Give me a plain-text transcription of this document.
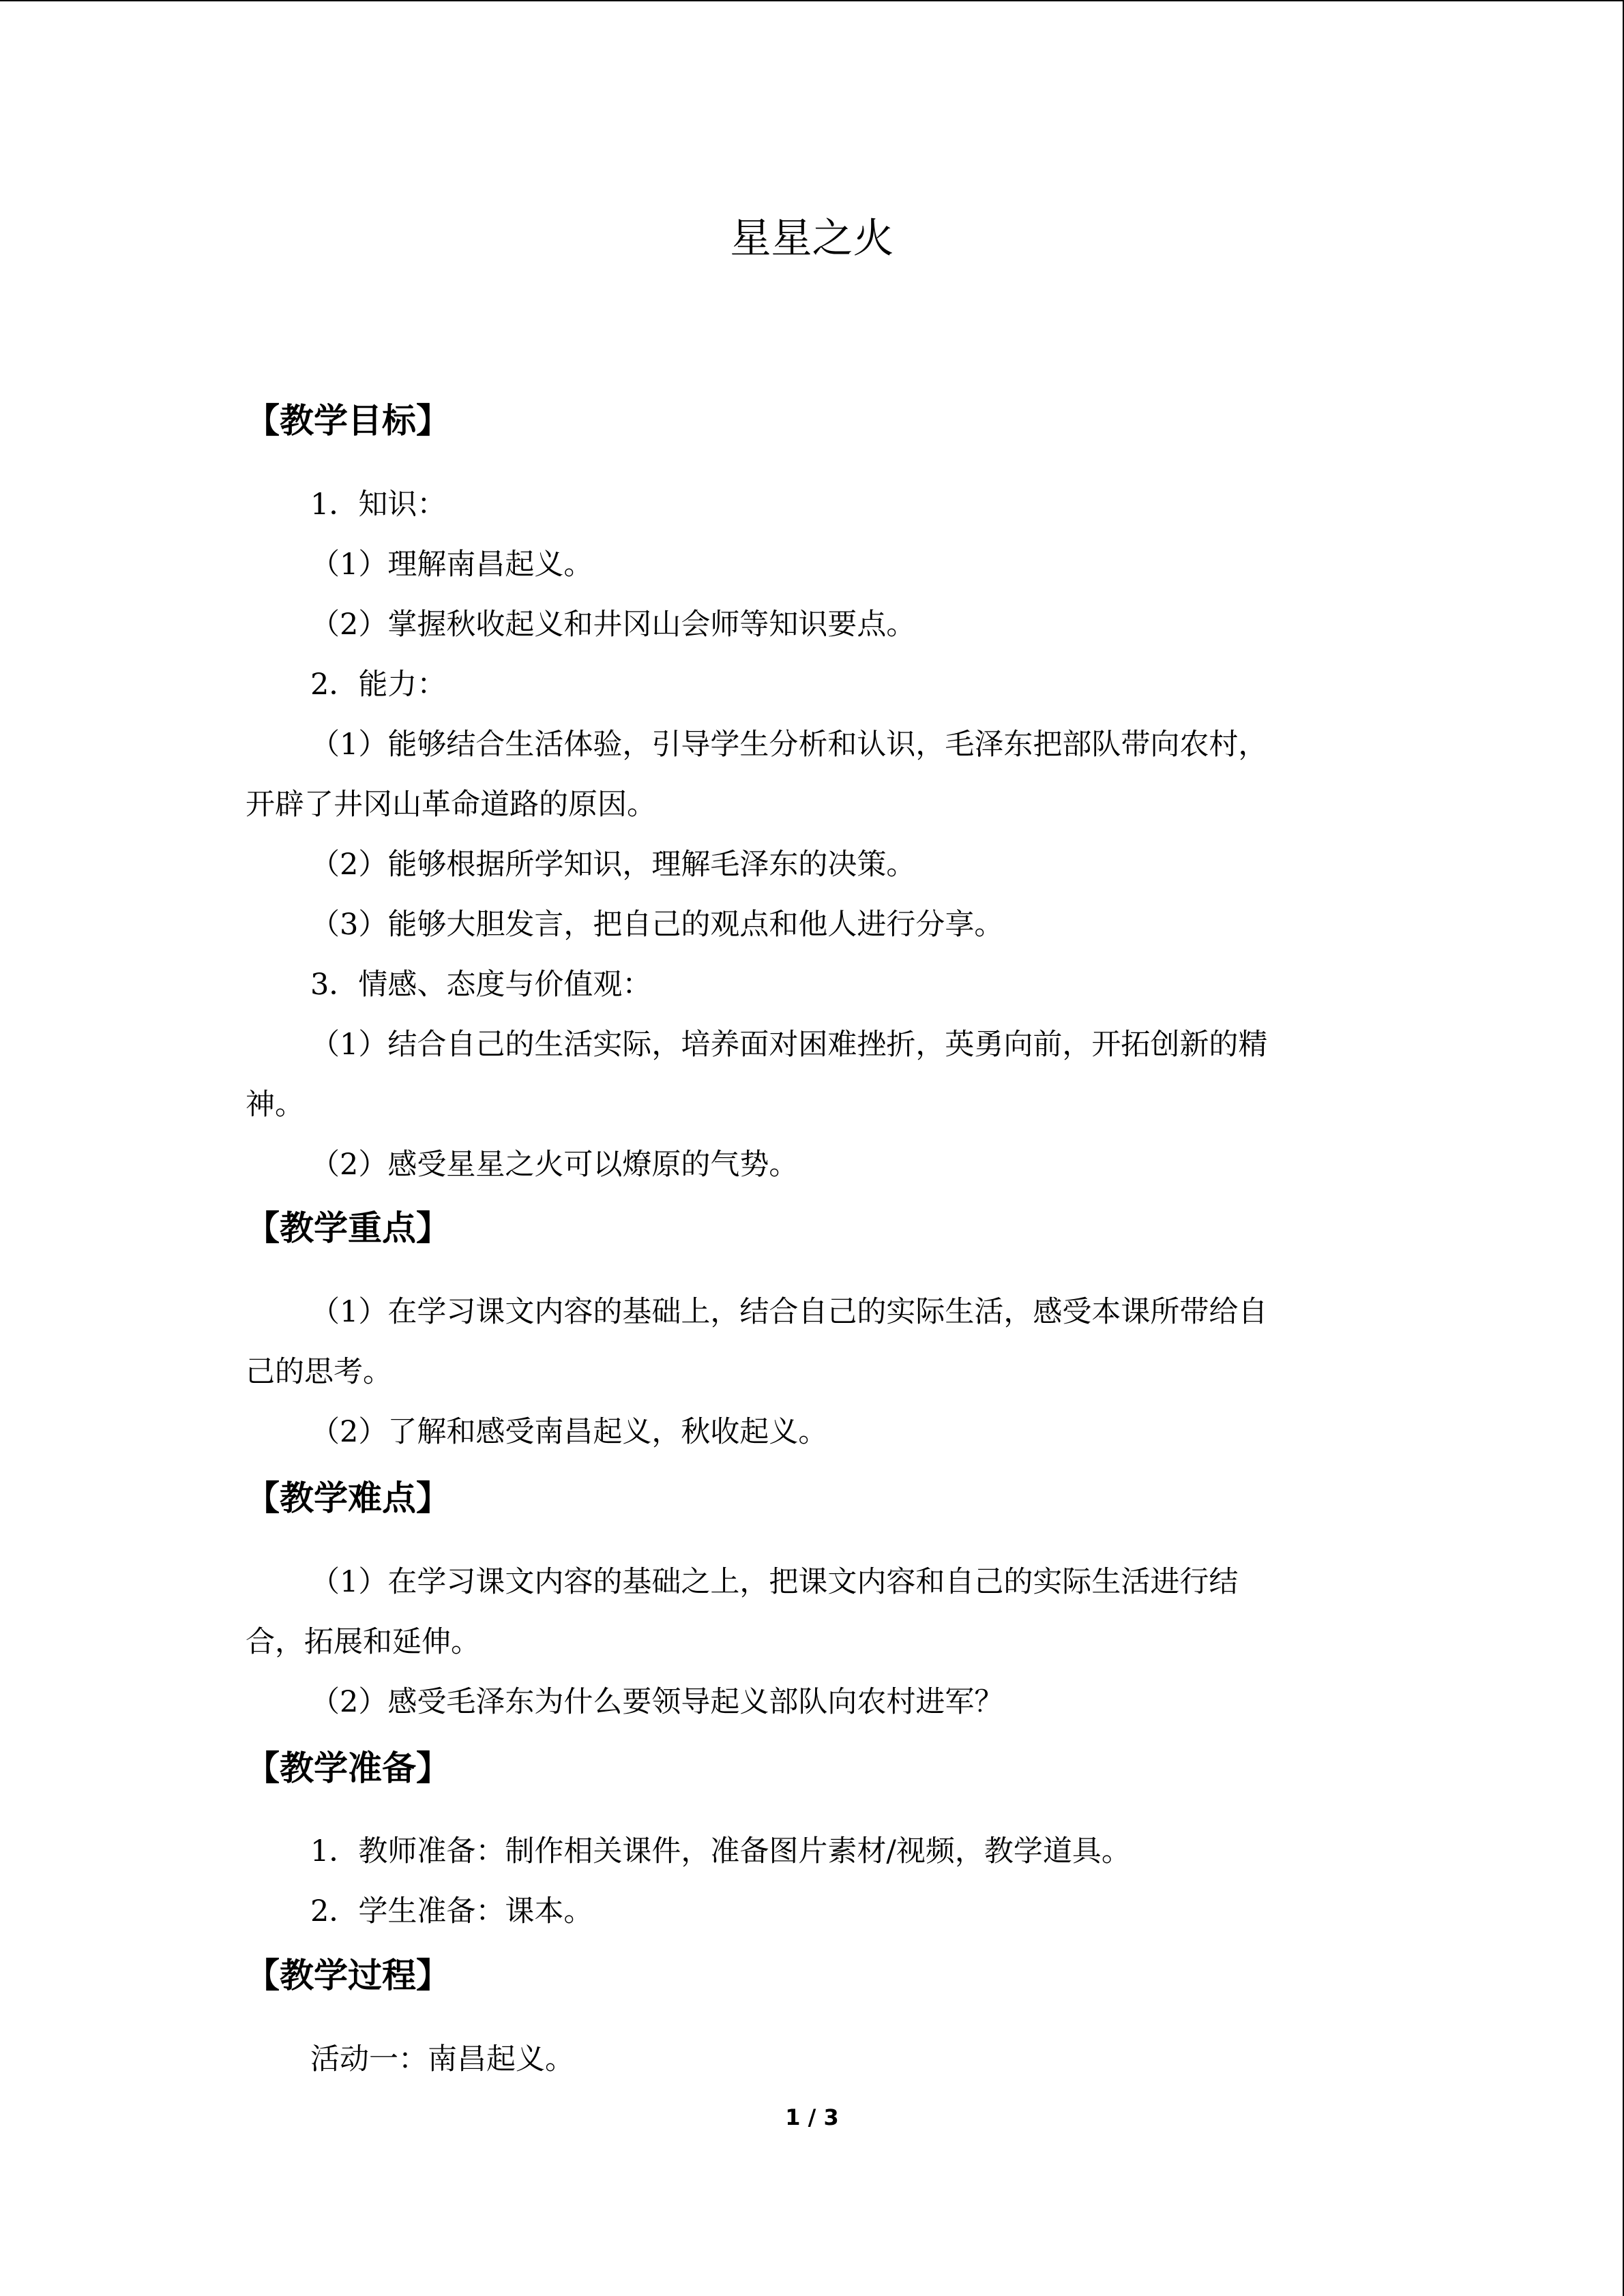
星星之火
【教学目标】

1．知识：

（1）理解南昌起义。

（2）掌握秋收起义和井冈山会师等知识要点。

2．能力：

（1）能够结合生活体验，引导学生分析和认识，毛泽东把部队带向农村，

开辟了井冈山革命道路的原因。

（2）能够根据所学知识，理解毛泽东的决策。

（3）能够大胆发言，把自己的观点和他人进行分享。

3．情感、态度与价值观：

（1）结合自己的生活实际，培养面对困难挫折，英勇向前，开拓创新的精

神。

（2）感受星星之火可以燎原的气势。

【教学重点】

（1）在学习课文内容的基础上，结合自己的实际生活，感受本课所带给自

己的思考。

（2）了解和感受南昌起义，秋收起义。

【教学难点】

（1）在学习课文内容的基础之上，把课文内容和自己的实际生活进行结

合，拓展和延伸。

（2）感受毛泽东为什么要领导起义部队向农村进军？

【教学准备】

1．教师准备：制作相关课件，准备图片素材/视频，教学道具。

2．学生准备：课本。

【教学过程】

活动一：南昌起义。

1 / 3
